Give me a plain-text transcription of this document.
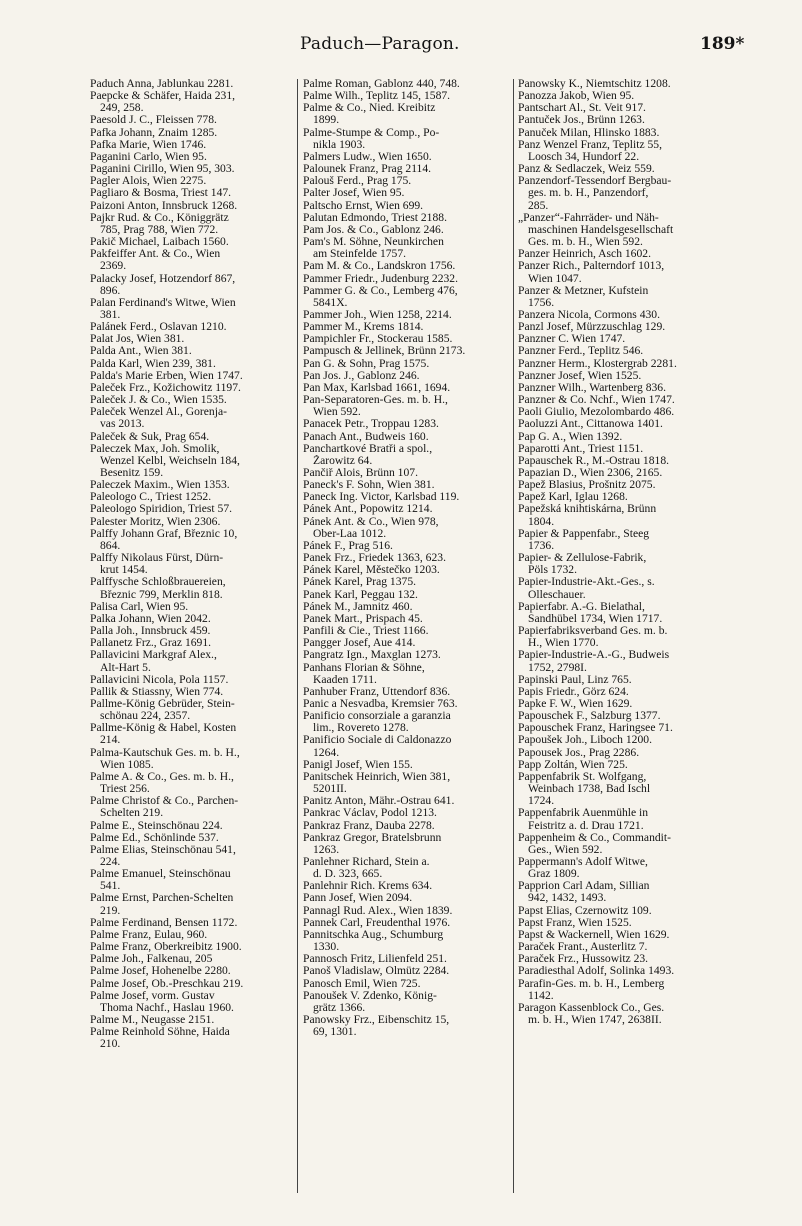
Paduch—Paragon.	189*
Paduch Anna, Jablunkau 2281.
Paepcke & Schäfer, Haida 231,
249, 258.
Paesold J. C., Fleissen 778.
Pafka Johann, Znaim 1285.
Pafka Marie, Wien 1746.
Paganini Carlo, Wien 95.
Paganini Cirillo, Wien 95, 303.
Pagler Alois, Wien 2275.
Pagliaro & Bosma, Triest 147.
Paizoni Anton, Innsbruck 1268.
Pajkr Rud. & Co., Königgrätz
785, Prag 788, Wien 772.
Pakič Michael, Laibach 1560.
Pakfeiffer Ant. & Co., Wien
2369.
Palacky Josef, Hotzendorf 867,
896.
Palan Ferdinand's Witwe, Wien
381.
Palánek Ferd., Oslavan 1210.
Palat Jos, Wien 381.
Palda Ant., Wien 381.
Palda Karl, Wien 239, 381.
Palda's Marie Erben, Wien 1747.
Paleček Frz., Kožichowitz 1197.
Paleček J. & Co., Wien 1535.
Paleček Wenzel Al., Gorenja-
vas 2013.
Paleček & Suk, Prag 654.
Paleczek Max, Joh. Smolik,
Wenzel Kelbl, Weichseln 184,
Besenitz 159.
Paleczek Maxim., Wien 1353.
Paleologo C., Triest 1252.
Paleologo Spiridion, Triest 57.
Palester Moritz, Wien 2306.
Palffy Johann Graf, Březnic 10,
864.
Palffy Nikolaus Fürst, Dürn-
krut 1454.
Palffysche Schloßbrauereien,
Březnic 799, Merklin 818.
Palisa Carl, Wien 95.
Palka Johann, Wien 2042.
Palla Joh., Innsbruck 459.
Pallanetz Frz., Graz 1691.
Pallavicini Markgraf Alex.,
Alt-Hart 5.
Pallavicini Nicola, Pola 1157.
Pallik & Stiassny, Wien 774.
Pallme-König Gebrüder, Stein-
schönau 224, 2357.
Pallme-König & Habel, Kosten
214.
Palma-Kautschuk Ges. m. b. H.,
Wien 1085.
Palme A. & Co., Ges. m. b. H.,
Triest 256.
Palme Christof & Co., Parchen-
Schelten 219.
Palme E., Steinschönau 224.
Palme Ed., Schönlinde 537.
Palme Elias, Steinschönau 541,
224.
Palme Emanuel, Steinschönau
541.
Palme Ernst, Parchen-Schelten
219.
Palme Ferdinand, Bensen 1172.
Palme Franz, Eulau, 960.
Palme Franz, Oberkreibitz 1900.
Palme Joh., Falkenau, 205
Palme Josef, Hohenelbe 2280.
Palme Josef, Ob.-Preschkau 219.
Palme Josef, vorm. Gustav
Thoma Nachf., Haslau 1960.
Palme M., Neugasse 2151.
Palme Reinhold Söhne, Haida
210.
Palme Roman, Gablonz 440, 748.
Palme Wilh., Teplitz 145, 1587.
Palme & Co., Nied. Kreibitz
1899.
Palme-Stumpe & Comp., Po-
nikla 1903.
Palmers Ludw., Wien 1650.
Palounek Franz, Prag 2114.
Palouš Ferd., Prag 175.
Palter Josef, Wien 95.
Paltscho Ernst, Wien 699.
Palutan Edmondo, Triest 2188.
Pam Jos. & Co., Gablonz 246.
Pam's M. Söhne, Neunkirchen
am Steinfelde 1757.
Pam M. & Co., Landskron 1756.
Pammer Friedr., Judenburg 2232.
Pammer G. & Co., Lemberg 476,
5841X.
Pammer Joh., Wien 1258, 2214.
Pammer M., Krems 1814.
Pampichler Fr., Stockerau 1585.
Pampusch & Jellinek, Brünn 2173.
Pan G. & Sohn, Prag 1575.
Pan Jos. J., Gablonz 246.
Pan Max, Karlsbad 1661, 1694.
Pan-Separatoren-Ges. m. b. H.,
Wien 592.
Panacek Petr., Troppau 1283.
Panach Ant., Budweis 160.
Panchartkové Bratři a spol.,
Žarowitz 64.
Pančiř Alois, Brünn 107.
Paneck's F. Sohn, Wien 381.
Paneck Ing. Victor, Karlsbad 119.
Pánek Ant., Popowitz 1214.
Pánek Ant. & Co., Wien 978,
Ober-Laa 1012.
Pánek F., Prag 516.
Panek Frz., Friedek 1363, 623.
Pánek Karel, Městečko 1203.
Pánek Karel, Prag 1375.
Panek Karl, Peggau 132.
Pánek M., Jamnitz 460.
Panek Mart., Prispach 45.
Panfili & Cie., Triest 1166.
Pangger Josef, Aue 414.
Pangratz Ign., Maxglan 1273.
Panhans Florian & Söhne,
Kaaden 1711.
Panhuber Franz, Uttendorf 836.
Panic a Nesvadba, Kremsier 763.
Panificio consorziale a garanzia
lim., Rovereto 1278.
Panificio Sociale di Caldonazzo
1264.
Panigl Josef, Wien 155.
Panitschek Heinrich, Wien 381,
5201II.
Panitz Anton, Mähr.-Ostrau 641.
Pankrac Václav, Podol 1213.
Pankraz Franz, Dauba 2278.
Pankraz Gregor, Bratelsbrunn
1263.
Panlehner Richard, Stein a.
d. D. 323, 665.
Panlehnir Rich. Krems 634.
Pann Josef, Wien 2094.
Pannagl Rud. Alex., Wien 1839.
Pannek Carl, Freudenthal 1976.
Pannitschka Aug., Schumburg
1330.
Pannosch Fritz, Lilienfeld 251.
Panoš Vladislaw, Olmütz 2284.
Panosch Emil, Wien 725.
Panoušek V. Zdenko, König-
grätz 1366.
Panowsky Frz., Eibenschitz 15,
69, 1301.
Panowsky K., Niemtschitz 1208.
Panozza Jakob, Wien 95.
Pantschart Al., St. Veit 917.
Pantuček Jos., Brünn 1263.
Panuček Milan, Hlinsko 1883.
Panz Wenzel Franz, Teplitz 55,
Loosch 34, Hundorf 22.
Panz & Sedlaczek, Weiz 559.
Panzendorf-Tessendorf Bergbau-
ges. m. b. H., Panzendorf,
285.
„Panzer“-Fahrräder- und Näh-
maschinen Handelsgesellschaft
Ges. m. b. H., Wien 592.
Panzer Heinrich, Asch 1602.
Panzer Rich., Palterndorf 1013,
Wien 1047.
Panzer & Metzner, Kufstein
1756.
Panzera Nicola, Cormons 430.
Panzl Josef, Mürzzuschlag 129.
Panzner C. Wien 1747.
Panzner Ferd., Teplitz 546.
Panzner Herm., Klostergrab 2281.
Panzner Josef, Wien 1525.
Panzner Wilh., Wartenberg 836.
Panzner & Co. Nchf., Wien 1747.
Paoli Giulio, Mezolombardo 486.
Paoluzzi Ant., Cittanowa 1401.
Pap G. A., Wien 1392.
Paparotti Ant., Triest 1151.
Papauschek R., M.-Ostrau 1818.
Papazian D., Wien 2306, 2165.
Papež Blasius, Prošnitz 2075.
Papež Karl, Iglau 1268.
Papežská knihtiskárna, Brünn
1804.
Papier & Pappenfabr., Steeg
1736.
Papier- & Zellulose-Fabrik,
Pöls 1732.
Papier-Industrie-Akt.-Ges., s.
Olleschauer.
Papierfabr. A.-G. Bielathal,
Sandhübel 1734, Wien 1717.
Papierfabriksverband Ges. m. b.
H., Wien 1770.
Papier-Industrie-A.-G., Budweis
1752, 2798I.
Papinski Paul, Linz 765.
Papis Friedr., Görz 624.
Papke F. W., Wien 1629.
Papouschek F., Salzburg 1377.
Papouschek Franz, Haringsee 71.
Papoušek Joh., Liboch 1200.
Papousek Jos., Prag 2286.
Papp Zoltán, Wien 725.
Pappenfabrik St. Wolfgang,
Weinbach 1738, Bad Ischl
1724.
Pappenfabrik Auenmühle in
Feistritz a. d. Drau 1721.
Pappenheim & Co., Commandit-
Ges., Wien 592.
Pappermann's Adolf Witwe,
Graz 1809.
Papprion Carl Adam, Sillian
942, 1432, 1493.
Papst Elias, Czernowitz 109.
Papst Franz, Wien 1525.
Papst & Wackernell, Wien 1629.
Paraček Frant., Austerlitz 7.
Paraček Frz., Hussowitz 23.
Paradiesthal Adolf, Solinka 1493.
Parafin-Ges. m. b. H., Lemberg
1142.
Paragon Kassenblock Co., Ges.
m. b. H., Wien 1747, 2638II.
